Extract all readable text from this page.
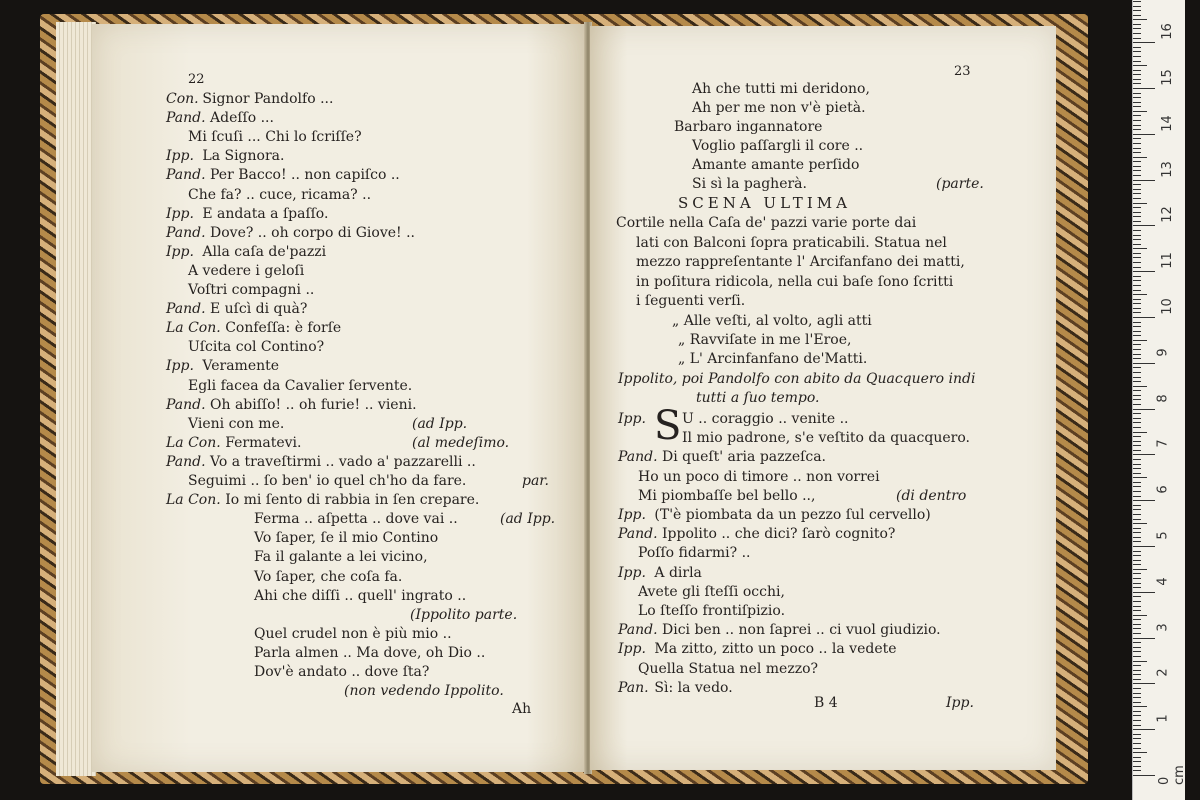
22
Con. Signor Pandolfo ...
Pand. Adeſſo ...
Mi ſcuſi ... Chi lo ſcriſſe?
Ipp. La Signora.
Pand. Per Bacco! .. non capiſco ..
Che fa? .. cuce, ricama? ..
Ipp. E andata a ſpaſſo.
Pand. Dove? .. oh corpo di Giove! ..
Ipp. Alla caſa de'pazzi
A vedere i geloſi
Voſtri compagni ..
Pand. E uſcì di quà?
La Con. Confeſſa: è forſe
Uſcita col Contino?
Ipp. Veramente
Egli facea da Cavalier ſervente.
Pand. Oh abiſſo! .. oh furie! .. vieni.
Vieni con me.	(ad Ipp.
La Con. Fermatevi.	(al medeſimo.
Pand. Vo a traveſtirmi .. vado a' pazzarelli ..
Seguimi .. ſo ben' io quel ch'ho da fare.	par.
La Con. Io mi ſento di rabbia in ſen crepare.
Ferma .. aſpetta .. dove vai ..	(ad Ipp.
Vo ſaper, ſe il mio Contino
Fa il galante a lei vicino,
Vo ſaper, che coſa fa.
Ahi che diſſi .. quell' ingrato ..
(Ippolito parte.
Quel crudel non è più mio ..
Parla almen .. Ma dove, oh Dio ..
Dov'è andato .. dove ſta?
(non vedendo Ippolito.
Ah
23
Ah che tutti mi deridono,
Ah per me non v'è pietà.
Barbaro ingannatore
Voglio paſſargli il core ..
Amante amante perſido
Si sì la pagherà.	(parte.
SCENA ULTIMA
Cortile nella Caſa de' pazzi varie porte dai
lati con Balconi ſopra praticabili. Statua nel
mezzo rappreſentante l' Arcifanfano dei matti,
in poſitura ridicola, nella cui baſe ſono ſcritti
i ſeguenti verſi.
„ Alle veſti, al volto, agli atti
„ Ravviſate in me l'Eroe,
„ L' Arcinfanfano de'Matti.
Ippolito, poi Pandolfo con abito da Quacquero indi
tutti a ſuo tempo.
Ipp. S U .. coraggio .. venite ..
Il mio padrone, s'e veſtito da quacquero.
Pand. Di queſt' aria pazzeſca.
Ho un poco di timore .. non vorrei
Mi piombaſſe bel bello ..,	(di dentro
Ipp. (T'è piombata da un pezzo ſul cervello)
Pand. Ippolito .. che dici? ſarò cognito?
Poſſo fidarmi? ..
Ipp. A dirla
Avete gli ſteſſi occhi,
Lo ſteſſo frontiſpizio.
Pand. Dici ben .. non ſaprei .. ci vuol giudizio.
Ipp. Ma zitto, zitto un poco .. la vedete
Quella Statua nel mezzo?
Pan. Sì: la vedo.
B 4	Ipp.
16
15
14
13
12
11
10
9
8
7
6
5
4
3
2
1
0 cm
